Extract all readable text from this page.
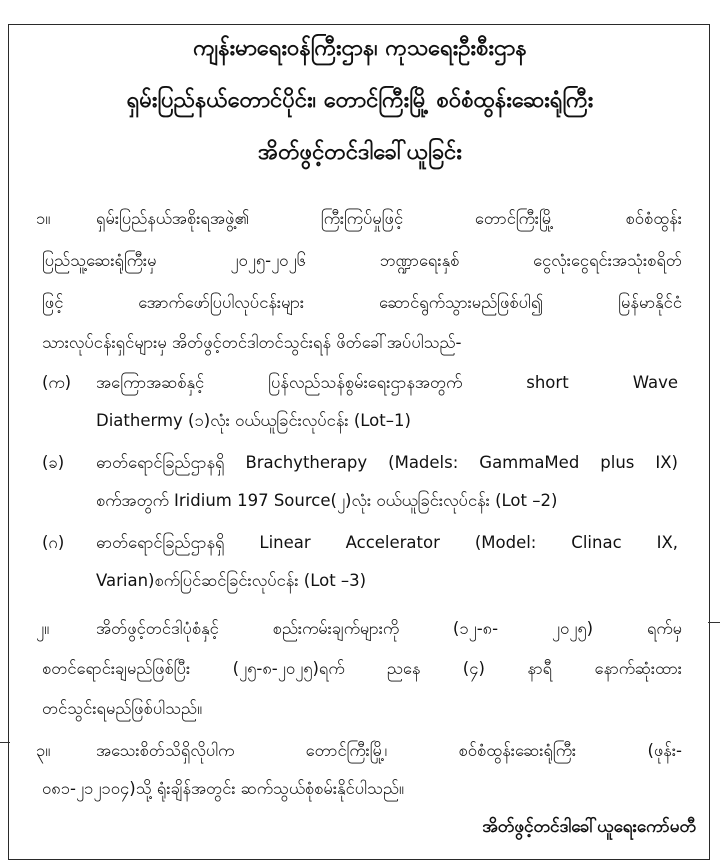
ကျန်းမာရေးဝန်ကြီးဌာန၊ ကုသရေးဦးစီးဌာန
ရှမ်းပြည်နယ်တောင်ပိုင်း၊ တောင်ကြီးမြို့ စဝ်စံထွန်းဆေးရုံကြီး
အိတ်ဖွင့်တင်ဒါခေါ်ယူခြင်း
၁။	ရှမ်းပြည်နယ်အစိုးရအဖွဲ့၏ ကြီးကြပ်မှုဖြင့် တောင်ကြီးမြို့ စဝ်စံထွန်း
ပြည်သူ့ဆေးရုံကြီးမှ ၂၀၂၅-၂၀၂၆ ဘဏ္ဍာရေးနှစ် ငွေလုံးငွေရင်းအသုံးစရိတ်
ဖြင့် အောက်ဖော်ပြပါလုပ်ငန်းများ ဆောင်ရွက်သွားမည်ဖြစ်ပါ၍ မြန်မာနိုင်ငံ
သားလုပ်ငန်းရှင်များမှ အိတ်ဖွင့်တင်ဒါတင်သွင်းရန် ဖိတ်ခေါ်အပ်ပါသည်-
(က) အကြောအဆစ်နှင့် ပြန်လည်သန်စွမ်းရေးဌာနအတွက် short Wave
Diathermy (၁)လုံး ဝယ်ယူခြင်းလုပ်ငန်း (Lot–1)
(ခ) ဓာတ်ရောင်ခြည်ဌာနရှိ Brachytherapy (Madels: GammaMed plus IX)
စက်အတွက် Iridium 197 Source(၂)လုံး ဝယ်ယူခြင်းလုပ်ငန်း (Lot –2)
(ဂ) ဓာတ်ရောင်ခြည်ဌာနရှိ Linear Accelerator (Model: Clinac IX,
Varian)စက်ပြင်ဆင်ခြင်းလုပ်ငန်း (Lot –3)
၂။	အိတ်ဖွင့်တင်ဒါပုံစံနှင့် စည်းကမ်းချက်များကို (၁၂-၈- ၂၀၂၅) ရက်မှ
စတင်ရောင်းချမည်ဖြစ်ပြီး (၂၅-၈-၂၀၂၅)ရက် ညနေ (၄) နာရီ နောက်ဆုံးထား
တင်သွင်းရမည်ဖြစ်ပါသည်။
၃။	အသေးစိတ်သိရှိလိုပါက တောင်ကြီးမြို့၊ စဝ်စံထွန်းဆေးရုံကြီး (ဖုန်း-
၀၈၁-၂၁၂၁၀၄)သို့ ရုံးချိန်အတွင်း ဆက်သွယ်စုံစမ်းနိုင်ပါသည်။
အိတ်ဖွင့်တင်ဒါခေါ်ယူရေးကော်မတီ
